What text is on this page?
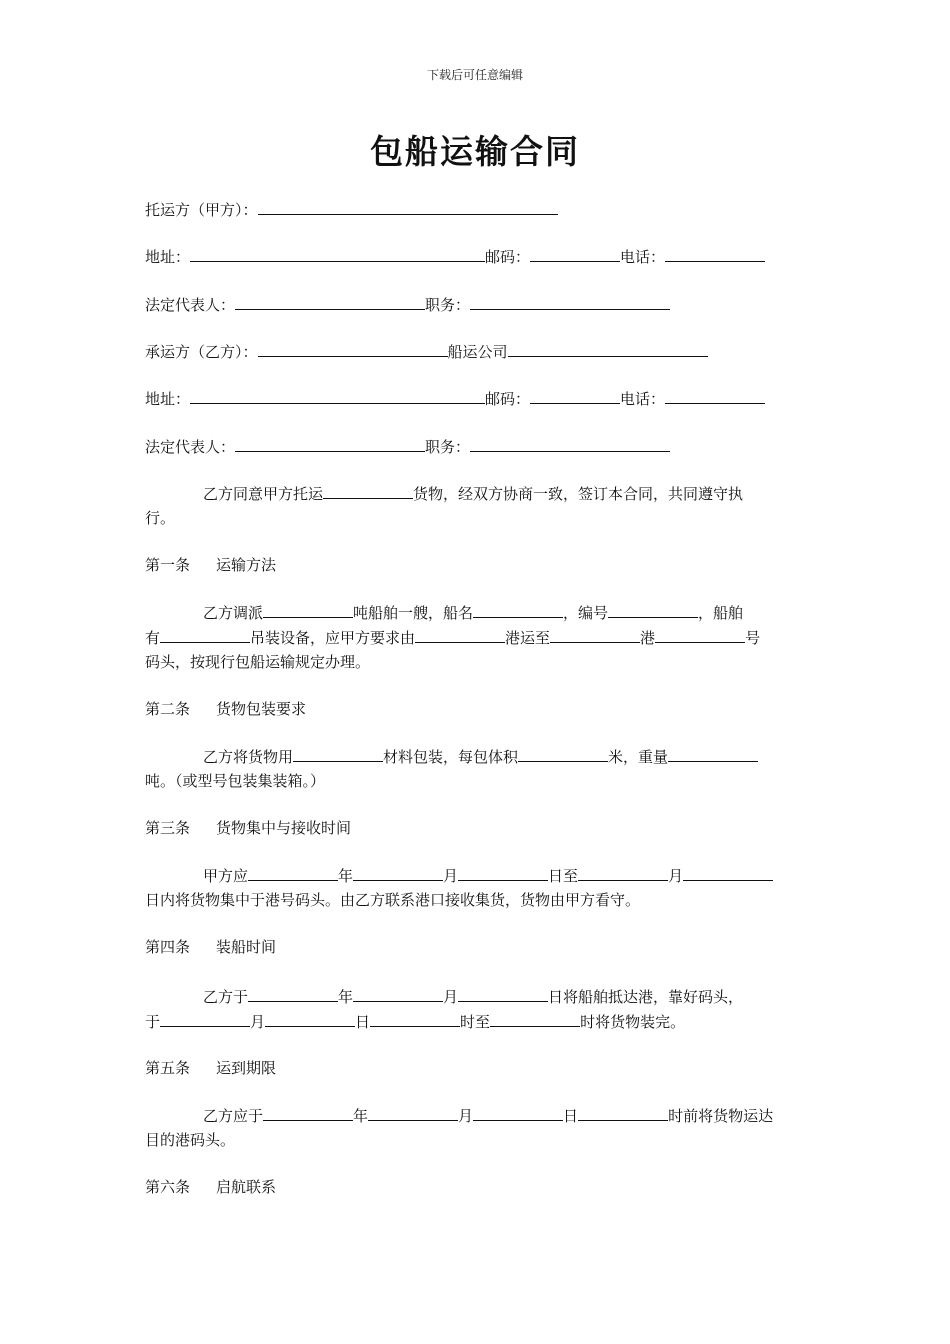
下载后可任意编辑
包船运输合同
托运方（甲方）：
地址：	邮码：	电话：
法定代表人：	职务：
承运方（乙方）：	船运公司
地址：	邮码：	电话：
法定代表人：	职务：
乙方同意甲方托运	货物，经双方协商一致，签订本合同，共同遵守执
行。
第一条 运输方法
乙方调派	吨船舶一艘，船名	，编号	，船舶
有	吊装设备，应甲方要求由	港运至	港	号
码头，按现行包船运输规定办理。
第二条 货物包装要求
乙方将货物用	材料包装，每包体积	米，重量
吨。（或型号包装集装箱。）
第三条 货物集中与接收时间
甲方应	年	月	日至	月
日内将货物集中于港号码头。由乙方联系港口接收集货，货物由甲方看守。
第四条 装船时间
乙方于	年	月	日将船舶抵达港，靠好码头，
于	月	日	时至	时将货物装完。
第五条 运到期限
乙方应于	年	月	日	时前将货物运达
目的港码头。
第六条 启航联系
